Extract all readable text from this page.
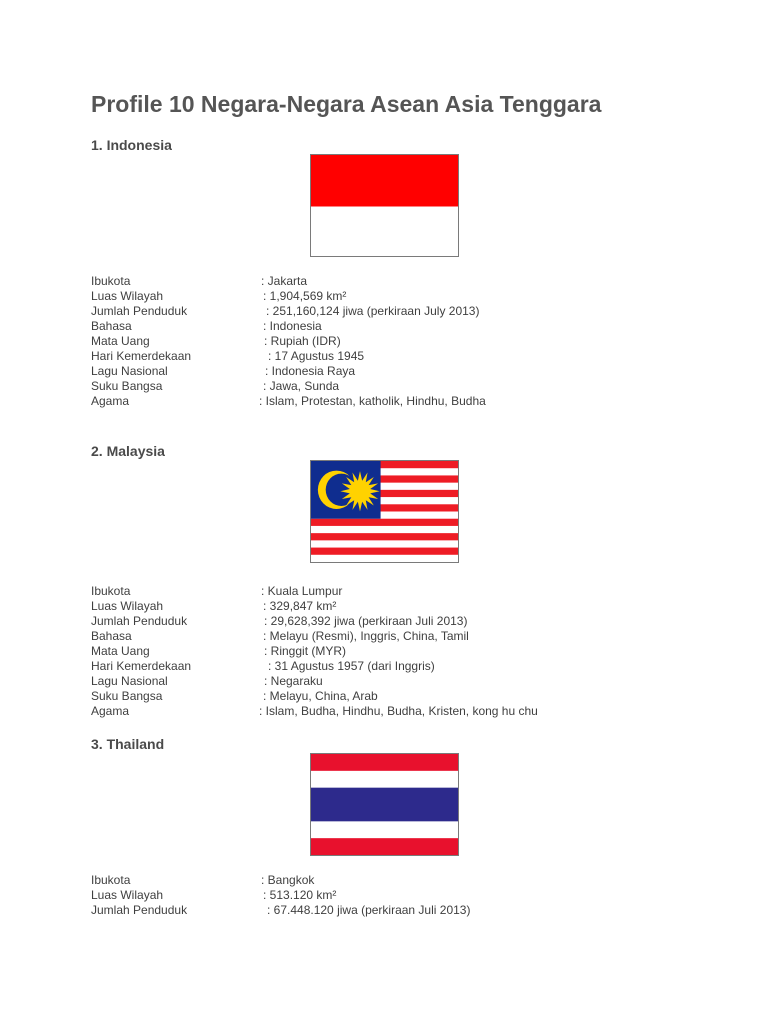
Profile 10 Negara-Negara Asean Asia Tenggara
1. Indonesia
Ibukota	: Jakarta
Luas Wilayah	: 1,904,569 km²
Jumlah Penduduk	: 251,160,124 jiwa (perkiraan July 2013)
Bahasa	: Indonesia
Mata Uang	: Rupiah (IDR)
Hari Kemerdekaan	: 17 Agustus 1945
Lagu Nasional	: Indonesia Raya
Suku Bangsa	: Jawa, Sunda
Agama	: Islam, Protestan, katholik, Hindhu, Budha
2. Malaysia
Ibukota	: Kuala Lumpur
Luas Wilayah	: 329,847 km²
Jumlah Penduduk	: 29,628,392 jiwa (perkiraan Juli 2013)
Bahasa	: Melayu (Resmi), Inggris, China, Tamil
Mata Uang	: Ringgit (MYR)
Hari Kemerdekaan	: 31 Agustus 1957 (dari Inggris)
Lagu Nasional	: Negaraku
Suku Bangsa	: Melayu, China, Arab
Agama	: Islam, Budha, Hindhu, Budha, Kristen, kong hu chu
3. Thailand
Ibukota	: Bangkok
Luas Wilayah	: 513.120 km²
Jumlah Penduduk	: 67.448.120 jiwa (perkiraan Juli 2013)
